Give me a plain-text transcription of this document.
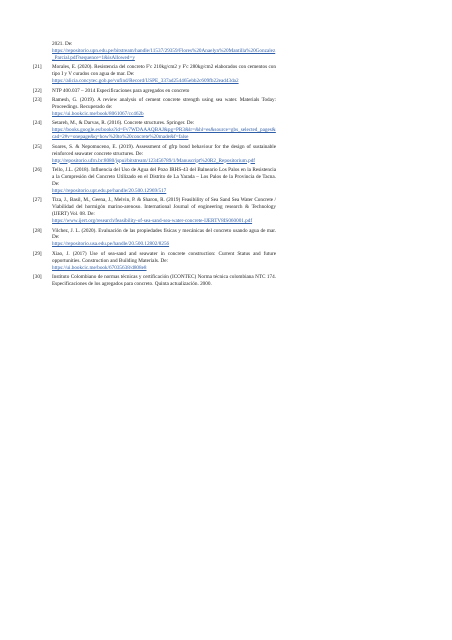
2021. De:
https://repositorio.upn.edu.pe/bitstream/handle/11537/29359/Flores%20Anaelyn%20Mantilla%20Gonzalez_Parcial.pdf?sequence=1&isAllowed=y
[21]	Morales, E. (2020). Resistencia del concreto F'c 210kg/cm2 y F'c 280kg/cm2 elaborados con cementos con tipo I y V curados con agua de mar. De:
https://alicia.concytec.gob.pe/vufind/Record/USPE_337ad254465ebb2c609fb22ead43da2
[22]	NTP 400.037 – 2014 Especificaciones para agregados en concreto
[23]	Ramesh, G. (2019). A review analysis of cement concrete strength using sea water. Materials Today: Proceedings. Recuperado de:
https://ui.bookcic.me/book/8061067/cc462b
[24]	Setareh, M., & Darvas, R. (2016). Concrete structures. Springer. De:
https://books.google.es/books?id=Fv7WDAAAQBAJ&pg=PR3&lr=&hl=es&source=gbs_selected_pages&cad=2#v=onepage&q=how%20to%20concrete%20made&f=false
[25]	Soares, S. & Nepomuceno, E. (2019). Assessment of gfrp bond behaviour for the design of sustainable reinforced seawater concrete structures. De:
http://repositorio.ufrn.br:8080/jspui/bitstream/123456789/1/Manuscript%20R2_Repositorium.pdf
[26]	Tello, J.L. (2018). Influencia del Uso de Agua del Pozo IRHS-43 del Balneario Los Palos en la Resistencia a la Compresión del Concreto Utilizado en el Distrito de La Yarada – Los Palos de la Provincia de Tacna. De:
https://repositorio.upt.edu.pe/handle/20.500.12969/517
[27]	Tiza, J., Basil, M., Geena, J., Melvin, P. & Sharon, R. (2019) Feasibility of Sea Sand Sea Water Concrete / Viabilidad del hormigón marino-arenoso. International Journal of engineering research & Technology (IJERT) Vol. 08. De:
https://www.ijert.org/research/feasibility-of-sea-sand-sea-water-concrete-IJERTV8IS060001.pdf
[28]	Vilchez, J. L. (2020). Evaluación de las propiedades físicas y mecánicas del concreto usando agua de mar. De:
https://repositorio.usa.edu.pe/handle/20.500.12802/8256
[29]	Xiao, J. (2017) Use of sea-sand and seawater in concrete construction: Current Status and future opportunities. Construction and Building Materials. De:
https://ui.bookcic.me/book/67035638/d808e8
[30]	Instituto Colombiano de normas técnicas y certificación (ICONTEC) Norma técnica colombiana NTC 174. Especificaciones de los agregados para concreto. Quinta actualización. 2000.
